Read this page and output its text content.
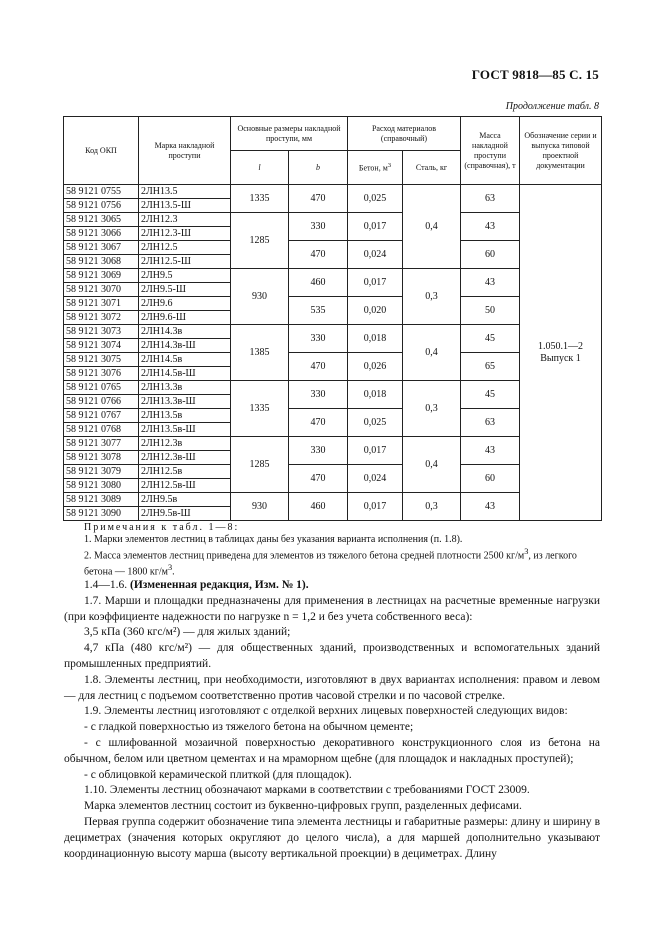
ГОСТ 9818—85 С. 15
Продолжение табл. 8
Код ОКП	Марка накладной проступи	Основные размеры накладной проступи, мм		Расход материалов (справочный)		Масса накладной проступи (справочная), т	Обозначение серии и выпуска типовой проектной документации
		l	b	Бетон, $м^3$	Сталь, кг		
58 9121 0755	2ЛН13.5	1335	470	0,025	0,4	63	1.050.1—2
Выпуск 1

58 9121 0756	2ЛН13.5-Ш						
58 9121 3065	2ЛН12.3	1285	330	0,017		43	
58 9121 3066	2ЛН12.3-Ш						
58 9121 3067	2ЛН12.5		470	0,024		60	
58 9121 3068	2ЛН12.5-Ш						
58 9121 3069	2ЛН9.5	930	460	0,017	0,3	43	
58 9121 3070	2ЛН9.5-Ш						
58 9121 3071	2ЛН9.6		535	0,020		50	
58 9121 3072	2ЛН9.6-Ш						
58 9121 3073	2ЛН14.3в	1385	330	0,018	0,4	45	
58 9121 3074	2ЛН14.3в-Ш						
58 9121 3075	2ЛН14.5в		470	0,026		65	
58 9121 3076	2ЛН14.5в-Ш						
58 9121 0765	2ЛН13.3в	1335	330	0,018	0,3	45	
58 9121 0766	2ЛН13.3в-Ш						
58 9121 0767	2ЛН13.5в		470	0,025		63	
58 9121 0768	2ЛН13.5в-Ш						
58 9121 3077	2ЛН12.3в	1285	330	0,017	0,4	43	
58 9121 3078	2ЛН12.3в-Ш						
58 9121 3079	2ЛН12.5в		470	0,024		60	
58 9121 3080	2ЛН12.5в-Ш						
58 9121 3089	2ЛН9.5в	930	460	0,017	0,3	43	
58 9121 3090	2ЛН9.5в-Ш						

Примечания к табл. 1—8:

1. Марки элементов лестниц в таблицах даны без указания варианта исполнения (п. 1.8).

2. Масса элементов лестниц приведена для элементов из тяжелого бетона средней плотности 2500 $кг/м^3$, из легкого бетона — 1800 $кг/м^3$.

1.4—1.6. (Измененная редакция, Изм. № 1).

1.7. Марши и площадки предназначены для применения в лестницах на расчетные временные нагрузки (при коэффициенте надежности по нагрузке n = 1,2 и без учета собственного веса):

3,5 кПа (360 кгс/м²) — для жилых зданий;

4,7 кПа (480 кгс/м²) — для общественных зданий, производственных и вспомогательных зданий промышленных предприятий.

1.8. Элементы лестниц, при необходимости, изготовляют в двух вариантах исполнения: правом и левом — для лестниц с подъемом соответственно против часовой стрелки и по часовой стрелке.

1.9. Элементы лестниц изготовляют с отделкой верхних лицевых поверхностей следующих видов:

- с гладкой поверхностью из тяжелого бетона на обычном цементе;

- с шлифованной мозаичной поверхностью декоративного конструкционного слоя из бетона на обычном, белом или цветном цементах и на мраморном щебне (для площадок и накладных проступей);

- с облицовкой керамической плиткой (для площадок).

1.10. Элементы лестниц обозначают марками в соответствии с требованиями ГОСТ 23009.

Марка элементов лестниц состоит из буквенно-цифровых групп, разделенных дефисами.

Первая группа содержит обозначение типа элемента лестницы и габаритные размеры: длину и ширину в дециметрах (значения которых округляют до целого числа), а для маршей дополнительно указывают координационную высоту марша (высоту вертикальной проекции) в дециметрах. Длину
